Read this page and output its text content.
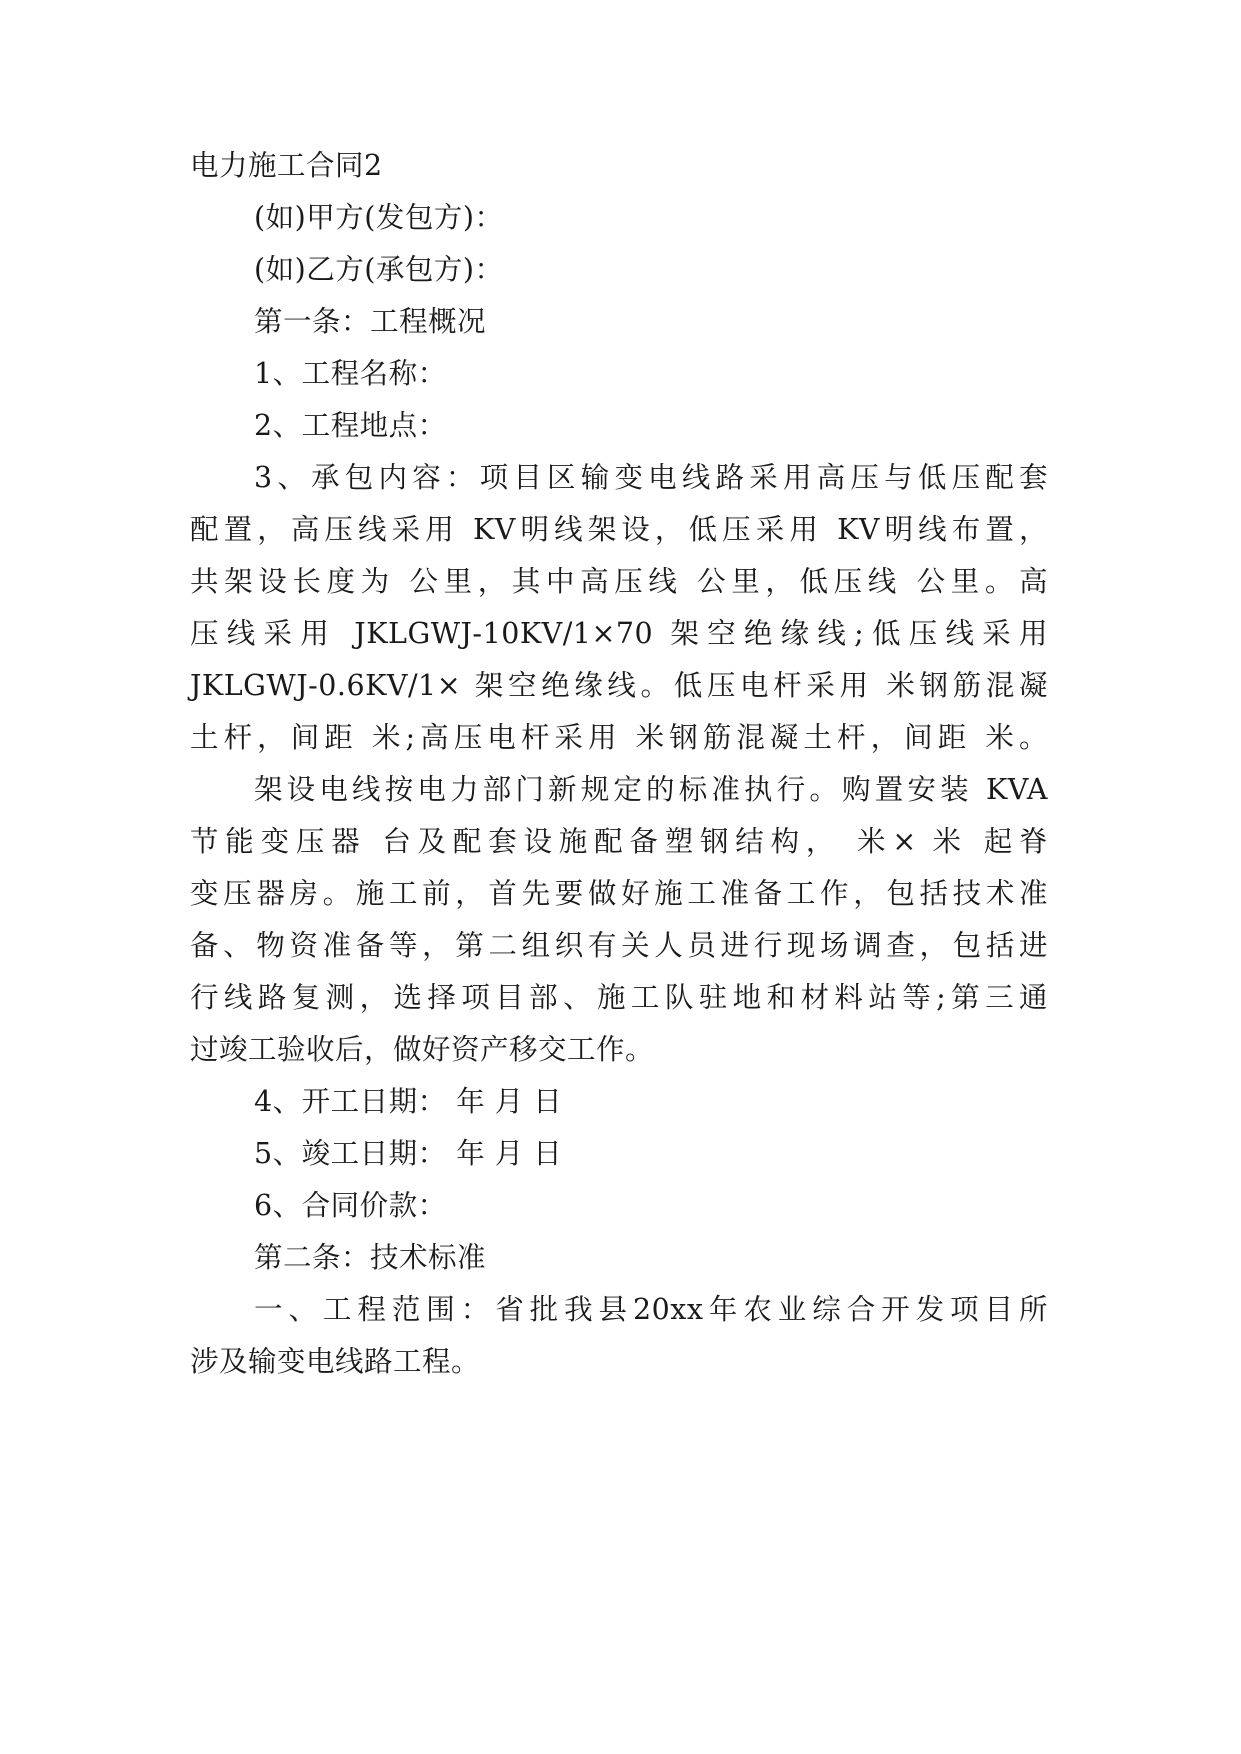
电力施工合同2
(如)甲方(发包方)：
(如)乙方(承包方)：
第一条：工程概况
1、工程名称：
2、工程地点：
3、承包内容：项目区输变电线路采用高压与低压配套
配置，高压线采用 KV明线架设，低压采用 KV明线布置，
共架设长度为 公里，其中高压线 公里，低压线 公里。高
压线采用 JKLGWJ-10KV/1×70 架空绝缘线;低压线采用
JKLGWJ-0.6KV/1× 架空绝缘线。低压电杆采用 米钢筋混凝
土杆，间距 米;高压电杆采用 米钢筋混凝土杆，间距 米。
架设电线按电力部门新规定的标准执行。购置安装 KVA
节能变压器 台及配套设施配备塑钢结构， 米× 米 起脊
变压器房。施工前，首先要做好施工准备工作，包括技术准
备、物资准备等，第二组织有关人员进行现场调查，包括进
行线路复测，选择项目部、施工队驻地和材料站等;第三通
过竣工验收后，做好资产移交工作。
4、开工日期： 年 月 日
5、竣工日期： 年 月 日
6、合同价款：
第二条：技术标准
一、工程范围：省批我县20xx年农业综合开发项目所
涉及输变电线路工程。
